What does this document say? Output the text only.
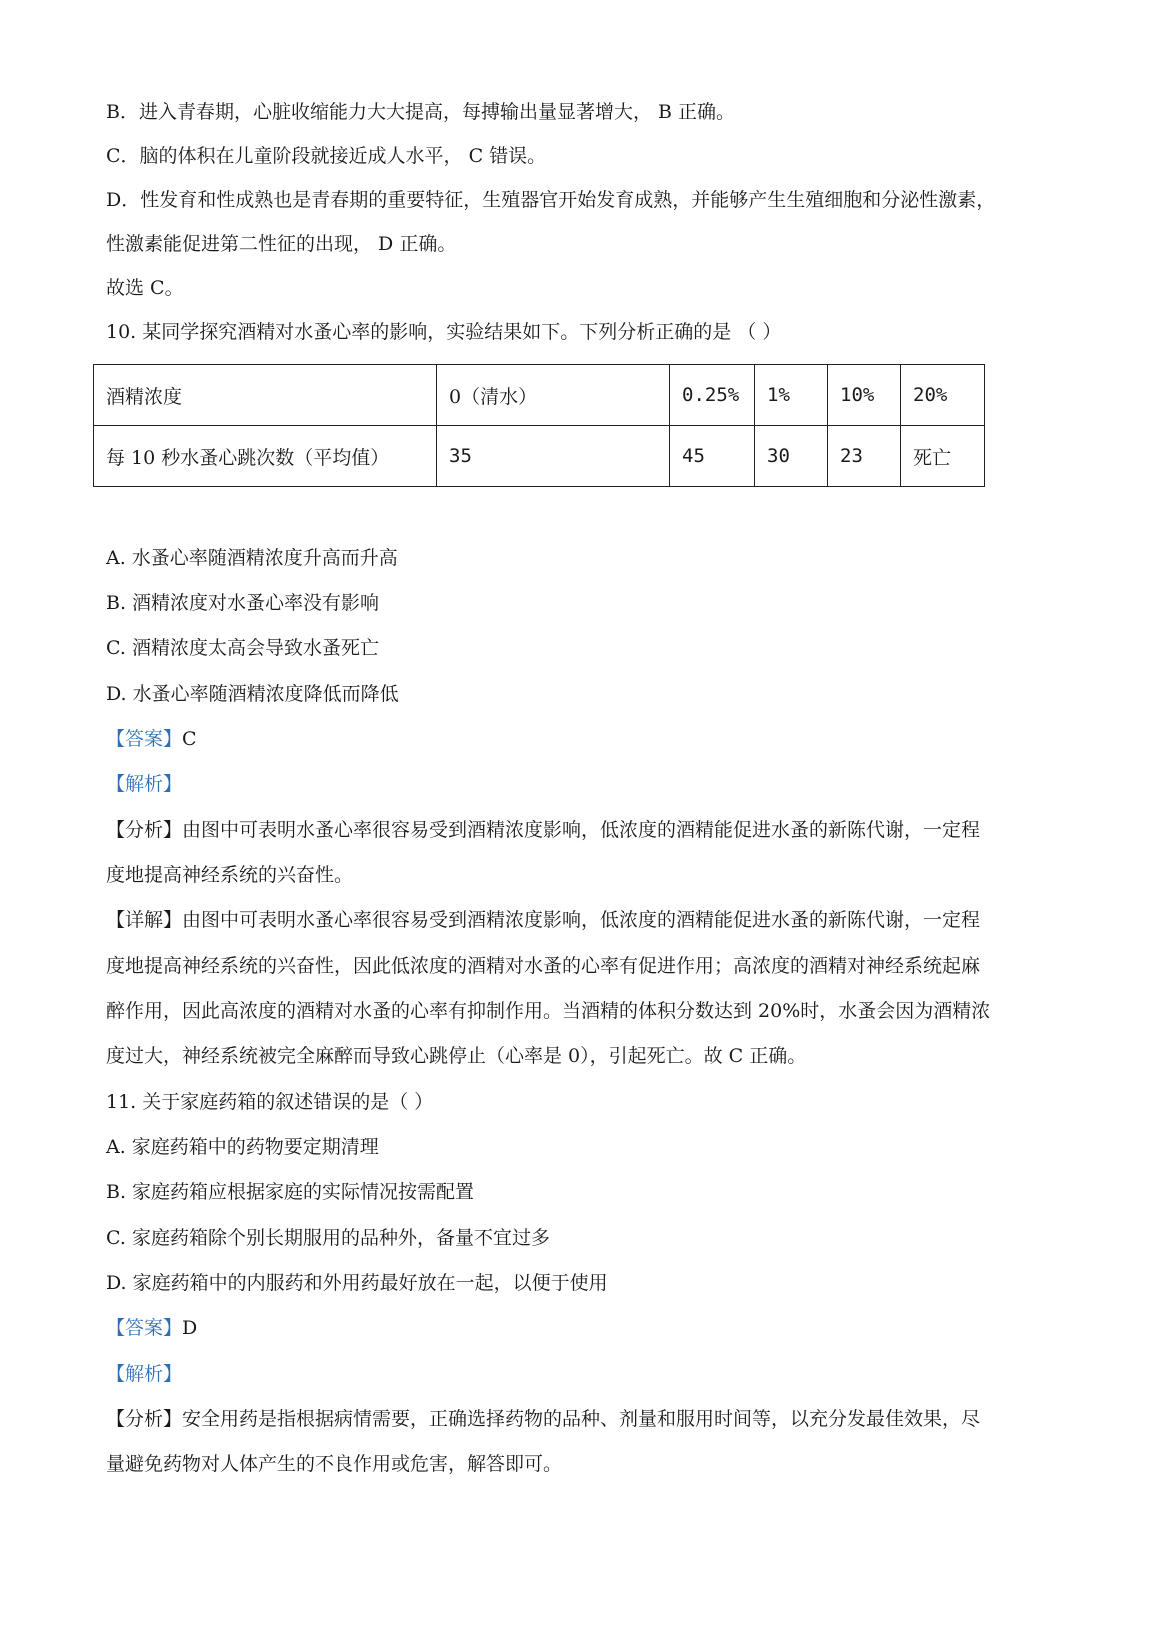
B．进入青春期，心脏收缩能力大大提高，每搏输出量显著增大， B 正确。
C．脑的体积在儿童阶段就接近成人水平， C 错误。
D．性发育和性成熟也是青春期的重要特征，生殖器官开始发育成熟，并能够产生生殖细胞和分泌性激素，
性激素能促进第二性征的出现， D 正确。
故选 C。
10. 某同学探究酒精对水蚤心率的影响，实验结果如下。下列分析正确的是 （ ）
酒精浓度	0（清水）	0.25%	1%	10%	20%
每 10 秒水蚤心跳次数（平均值）	35	45	30	23	死亡
A. 水蚤心率随酒精浓度升高而升高
B. 酒精浓度对水蚤心率没有影响
C. 酒精浓度太高会导致水蚤死亡
D. 水蚤心率随酒精浓度降低而降低
【答案】C
【解析】
【分析】由图中可表明水蚤心率很容易受到酒精浓度影响，低浓度的酒精能促进水蚤的新陈代谢，一定程
度地提高神经系统的兴奋性。
【详解】由图中可表明水蚤心率很容易受到酒精浓度影响，低浓度的酒精能促进水蚤的新陈代谢，一定程
度地提高神经系统的兴奋性，因此低浓度的酒精对水蚤的心率有促进作用；高浓度的酒精对神经系统起麻
醉作用，因此高浓度的酒精对水蚤的心率有抑制作用。当酒精的体积分数达到 20%时，水蚤会因为酒精浓
度过大，神经系统被完全麻醉而导致心跳停止（心率是 0），引起死亡。故 C 正确。
11. 关于家庭药箱的叙述错误的是（ ）
A. 家庭药箱中的药物要定期清理
B. 家庭药箱应根据家庭的实际情况按需配置
C. 家庭药箱除个别长期服用的品种外，备量不宜过多
D. 家庭药箱中的内服药和外用药最好放在一起，以便于使用
【答案】D
【解析】
【分析】安全用药是指根据病情需要，正确选择药物的品种、剂量和服用时间等，以充分发最佳效果，尽
量避免药物对人体产生的不良作用或危害，解答即可。
